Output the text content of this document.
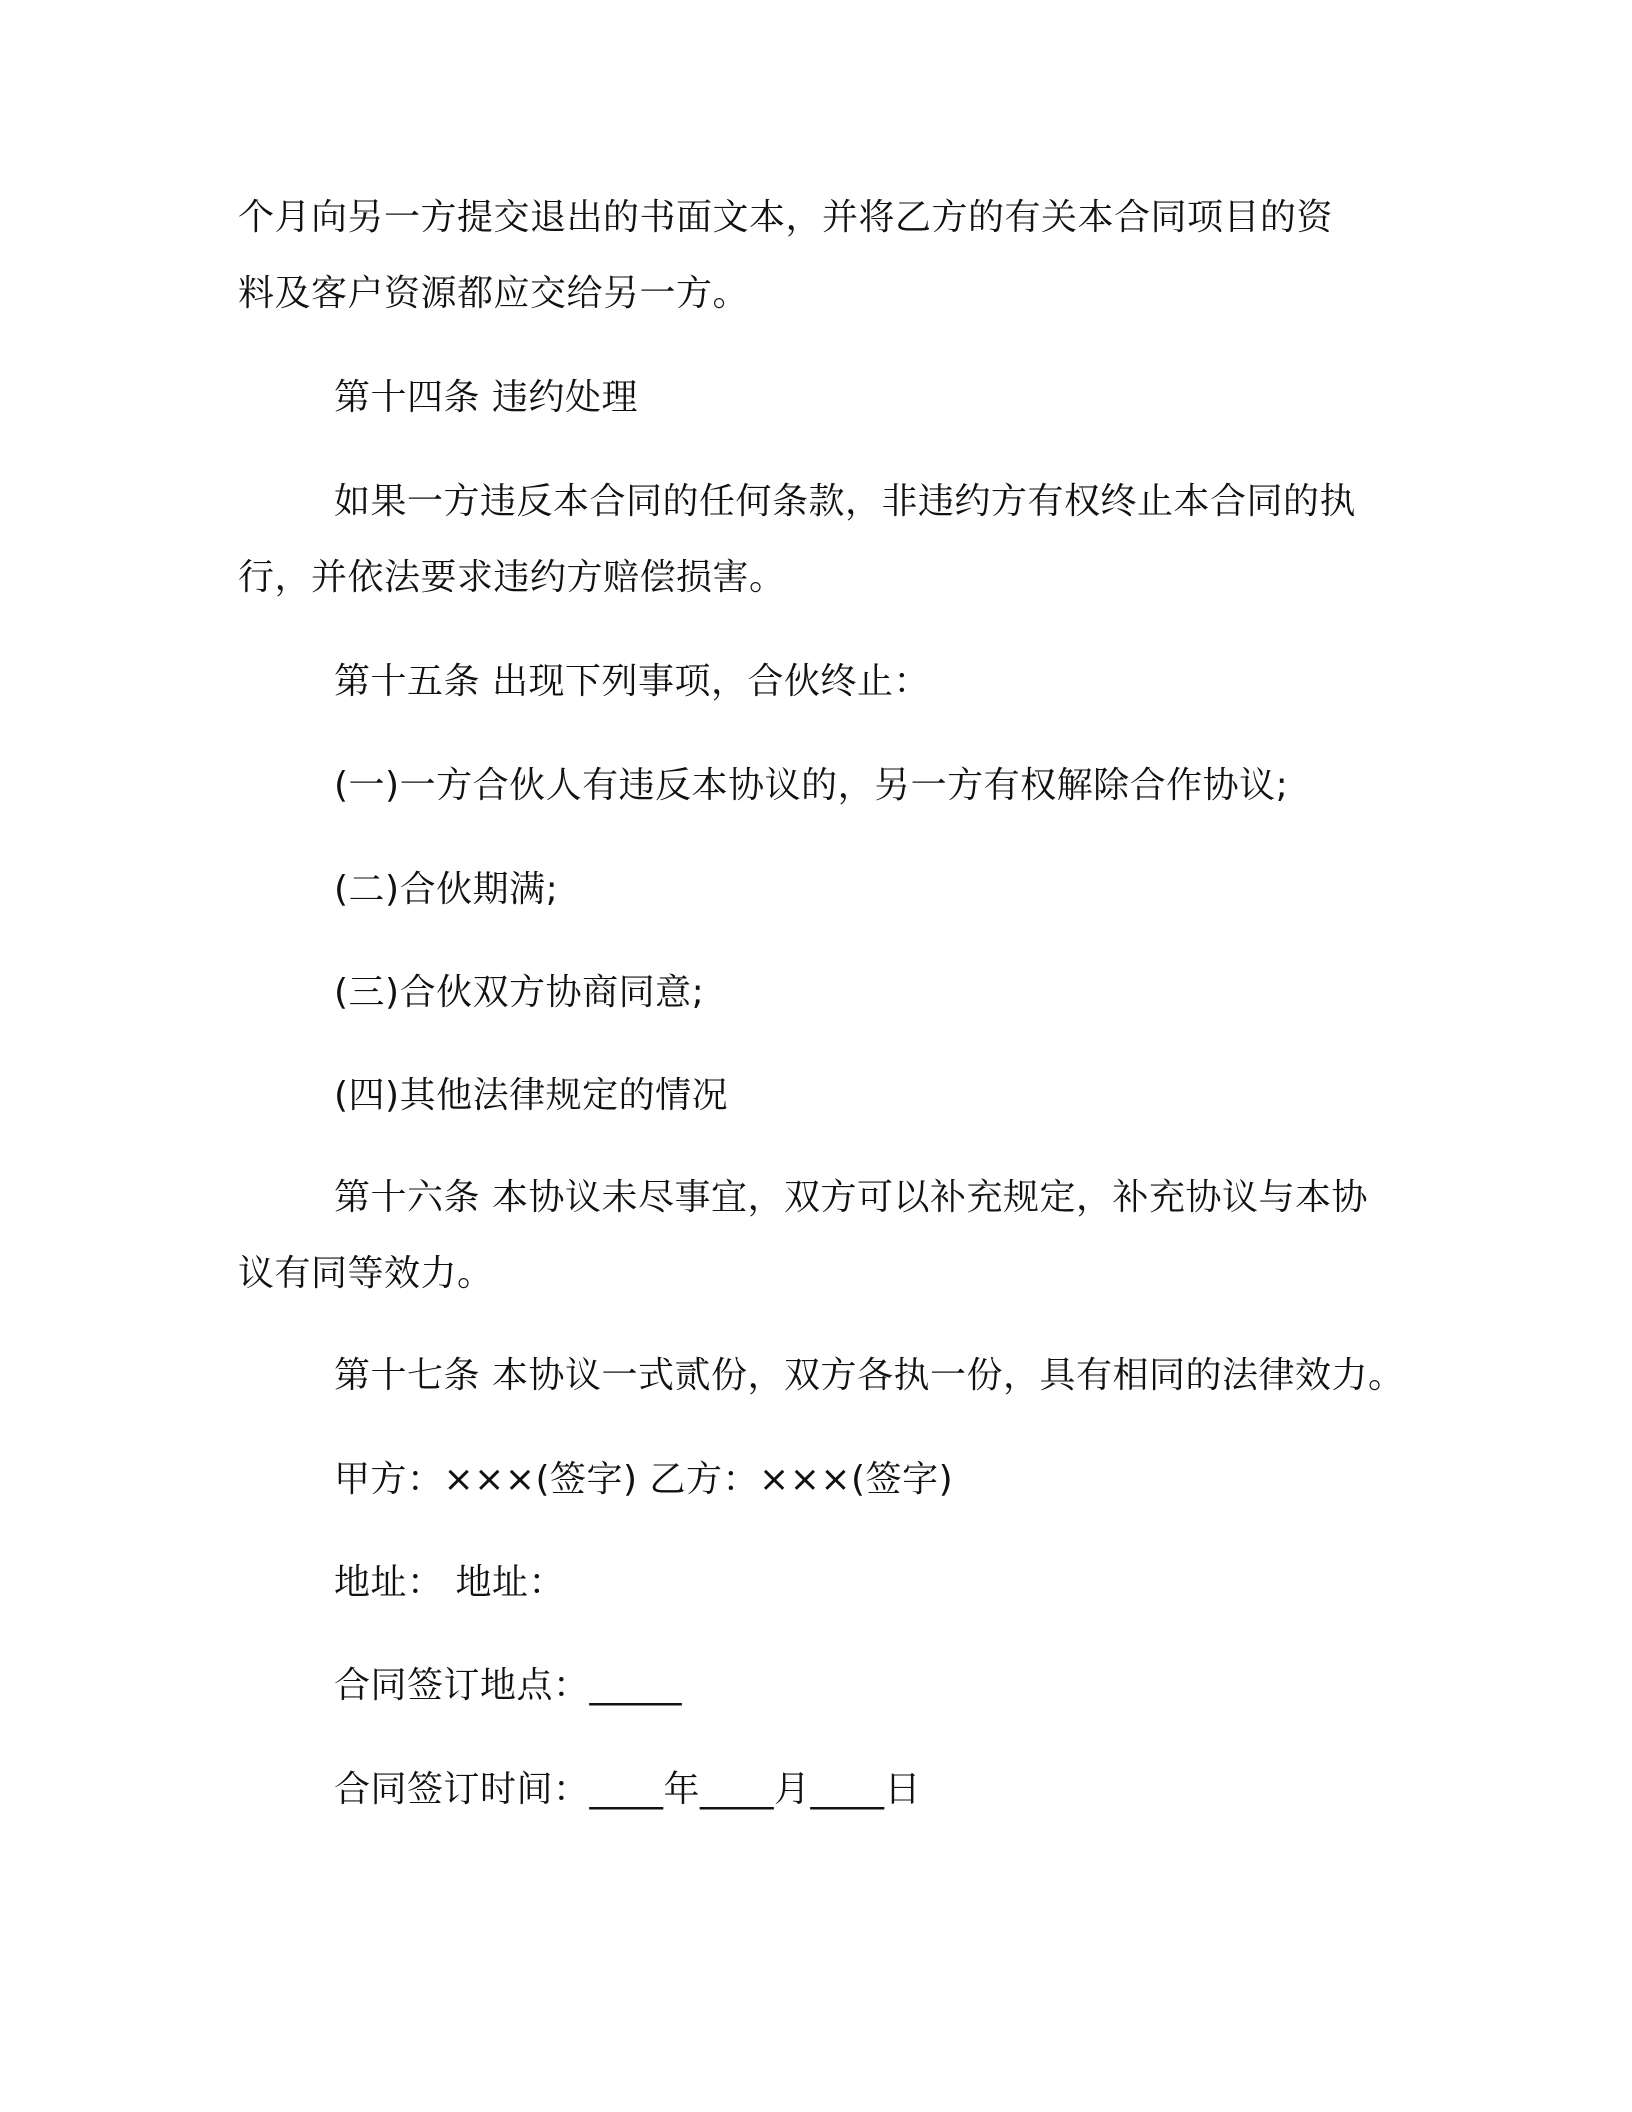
个月向另一方提交退出的书面文本，并将乙方的有关本合同项目的资
料及客户资源都应交给另一方。

第十四条 违约处理

如果一方违反本合同的任何条款，非违约方有权终止本合同的执
行，并依法要求违约方赔偿损害。

第十五条 出现下列事项，合伙终止：

(一)一方合伙人有违反本协议的，另一方有权解除合作协议;

(二)合伙期满;

(三)合伙双方协商同意;

(四)其他法律规定的情况

第十六条 本协议未尽事宜，双方可以补充规定，补充协议与本协
议有同等效力。

第十七条 本协议一式贰份，双方各执一份，具有相同的法律效力。

甲方：×××(签字) 乙方：×××(签字)

地址： 地址：

合同签订地点：_____

合同签订时间：____年____月____日
